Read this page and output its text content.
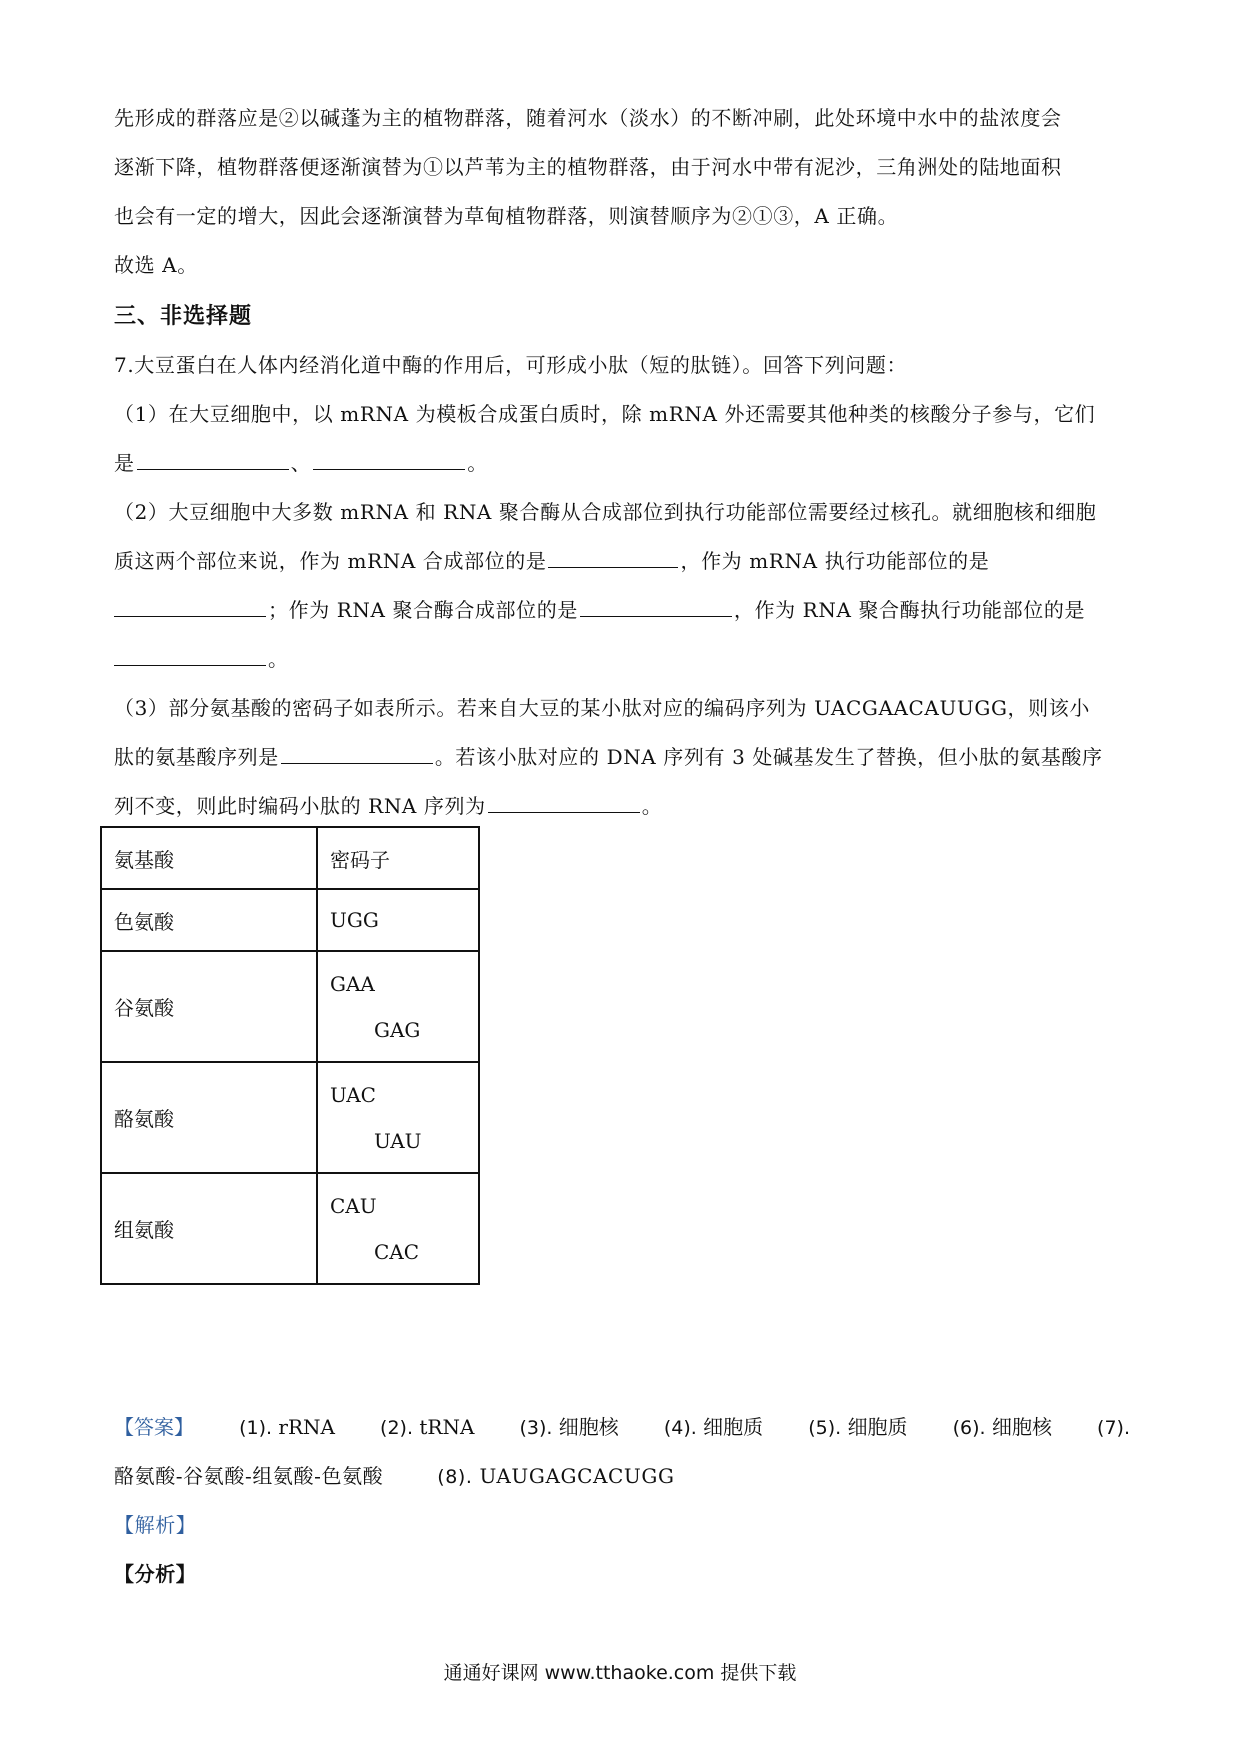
先形成的群落应是②以碱蓬为主的植物群落，随着河水（淡水）的不断冲刷，此处环境中水中的盐浓度会
逐渐下降，植物群落便逐渐演替为①以芦苇为主的植物群落，由于河水中带有泥沙，三角洲处的陆地面积
也会有一定的增大，因此会逐渐演替为草甸植物群落，则演替顺序为②①③，A 正确。
故选 A。
三、非选择题
7.大豆蛋白在人体内经消化道中酶的作用后，可形成小肽（短的肽链）。回答下列问题：
（1）在大豆细胞中，以 mRNA 为模板合成蛋白质时，除 mRNA 外还需要其他种类的核酸分子参与，它们
是	、	。
（2）大豆细胞中大多数 mRNA 和 RNA 聚合酶从合成部位到执行功能部位需要经过核孔。就细胞核和细胞
质这两个部位来说，作为 mRNA 合成部位的是	，作为 mRNA 执行功能部位的是
；作为 RNA 聚合酶合成部位的是	，作为 RNA 聚合酶执行功能部位的是
。
（3）部分氨基酸的密码子如表所示。若来自大豆的某小肽对应的编码序列为 UACGAACAUUGG，则该小
肽的氨基酸序列是	。若该小肽对应的 DNA 序列有 3 处碱基发生了替换，但小肽的氨基酸序
列不变，则此时编码小肽的 RNA 序列为	。
氨基酸	密码子
色氨酸	UGG

谷氨酸	GAA
GAG

酪氨酸	UAC
UAU

组氨酸	CAU
CAC
【答案】 (1). rRNA (2). tRNA (3). 细胞核 (4). 细胞质 (5). 细胞质 (6). 细胞核 (7).
酪氨酸-谷氨酸-组氨酸-色氨酸	(8). UAUGAGCACUGG
【解析】
【分析】
通通好课网 www.tthaoke.com 提供下载
